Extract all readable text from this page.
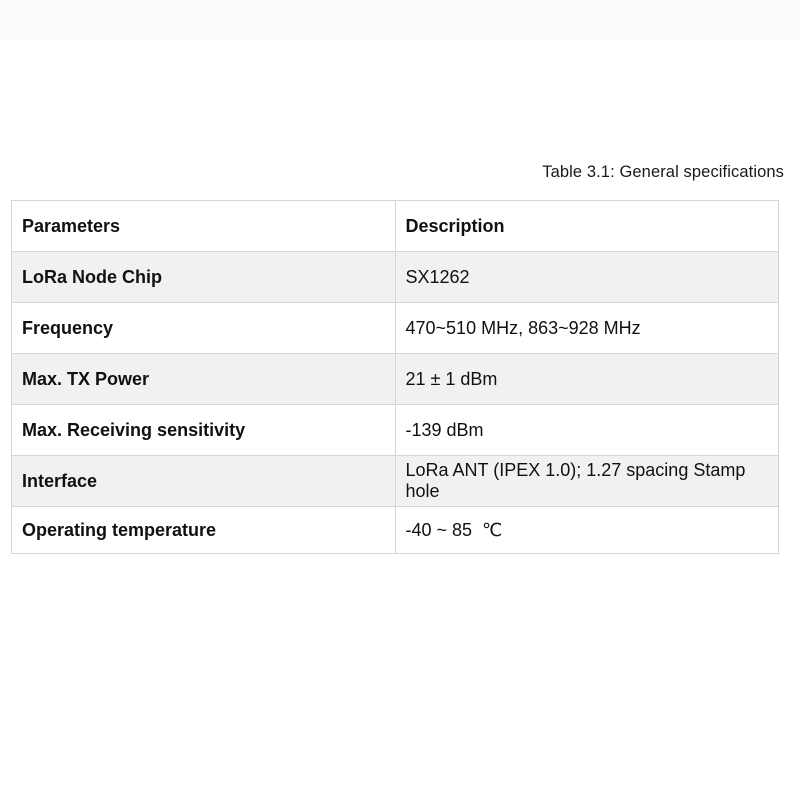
Table 3.1: General specifications
Parameters	Description
LoRa Node Chip	SX1262
Frequency	470~510 MHz, 863~928 MHz
Max. TX Power	21 ± 1 dBm
Max. Receiving sensitivity	-139 dBm
Interface	LoRa ANT (IPEX 1.0); 1.27 spacing Stamp hole
Operating temperature	-40 ~ 85  ℃
